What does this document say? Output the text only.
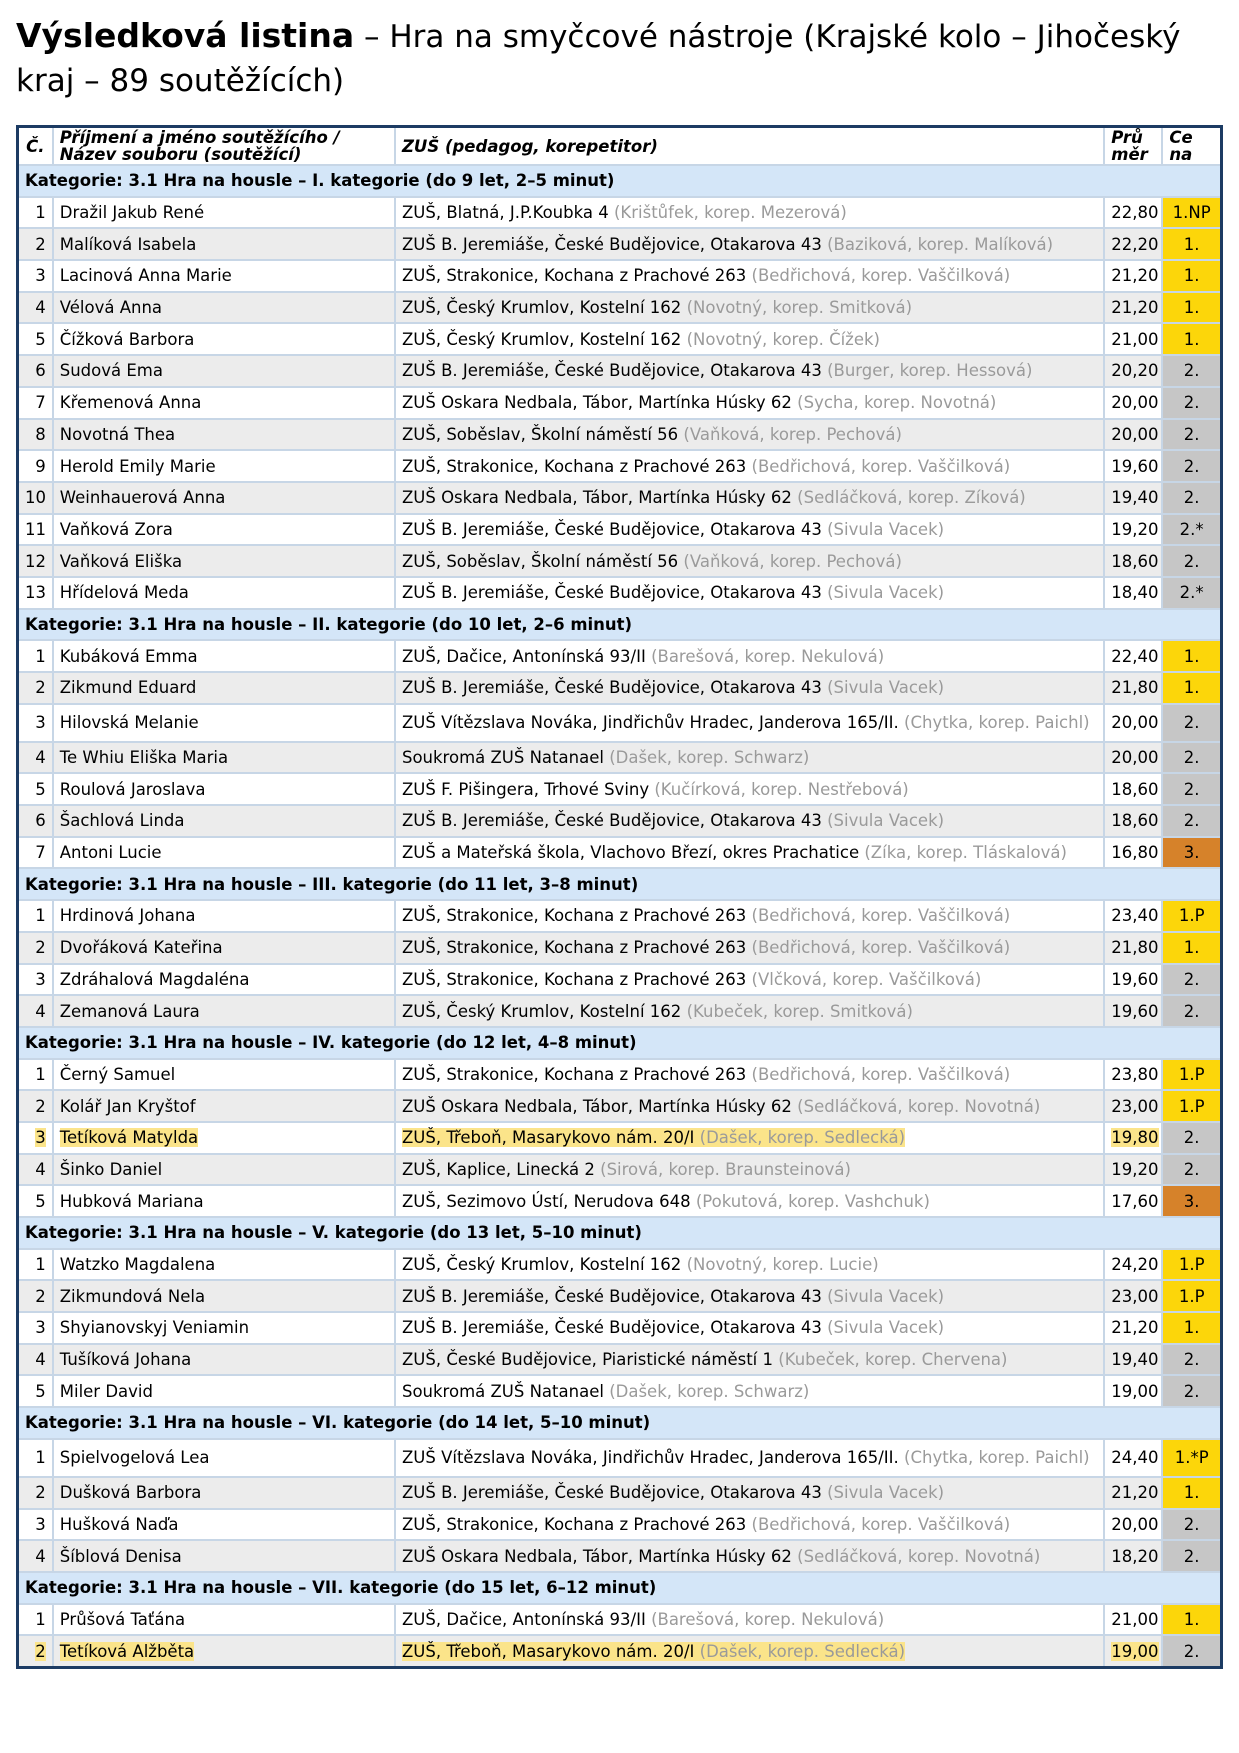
Výsledková listina – Hra na smyčcové nástroje (Krajské kolo – Jihočeský kraj – 89 soutěžících)
Č.	Příjmení a jméno soutěžícího / Název souboru (soutěžící)	ZUŠ (pedagog, korepetitor)	Prů měr	Ce na
Kategorie: 3.1 Hra na housle – I. kategorie (do 9 let, 2–5 minut)				
1	Dražil Jakub René	ZUŠ, Blatná, J.P.Koubka 4 (Krištůfek, korep. Mezerová)	22,80	1.NP
2	Malíková Isabela	ZUŠ B. Jeremiáše, České Budějovice, Otakarova 43 (Baziková, korep. Malíková)	22,20	1.
3	Lacinová Anna Marie	ZUŠ, Strakonice, Kochana z Prachové 263 (Bedřichová, korep. Vaščilková)	21,20	1.
4	Vélová Anna	ZUŠ, Český Krumlov, Kostelní 162 (Novotný, korep. Smitková)	21,20	1.
5	Čížková Barbora	ZUŠ, Český Krumlov, Kostelní 162 (Novotný, korep. Čížek)	21,00	1.
6	Sudová Ema	ZUŠ B. Jeremiáše, České Budějovice, Otakarova 43 (Burger, korep. Hessová)	20,20	2.
7	Křemenová Anna	ZUŠ Oskara Nedbala, Tábor, Martínka Húsky 62 (Sycha, korep. Novotná)	20,00	2.
8	Novotná Thea	ZUŠ, Soběslav, Školní náměstí 56 (Vaňková, korep. Pechová)	20,00	2.
9	Herold Emily Marie	ZUŠ, Strakonice, Kochana z Prachové 263 (Bedřichová, korep. Vaščilková)	19,60	2.
10	Weinhauerová Anna	ZUŠ Oskara Nedbala, Tábor, Martínka Húsky 62 (Sedláčková, korep. Zíková)	19,40	2.
11	Vaňková Zora	ZUŠ B. Jeremiáše, České Budějovice, Otakarova 43 (Sivula Vacek)	19,20	2.*
12	Vaňková Eliška	ZUŠ, Soběslav, Školní náměstí 56 (Vaňková, korep. Pechová)	18,60	2.
13	Hřídelová Meda	ZUŠ B. Jeremiáše, České Budějovice, Otakarova 43 (Sivula Vacek)	18,40	2.*
Kategorie: 3.1 Hra na housle – II. kategorie (do 10 let, 2–6 minut)				
1	Kubáková Emma	ZUŠ, Dačice, Antonínská 93/II (Barešová, korep. Nekulová)	22,40	1.
2	Zikmund Eduard	ZUŠ B. Jeremiáše, České Budějovice, Otakarova 43 (Sivula Vacek)	21,80	1.
3	Hilovská Melanie	ZUŠ Vítězslava Nováka, Jindřichův Hradec, Janderova 165/II. (Chytka, korep. Paichl)	20,00	2.
4	Te Whiu Eliška Maria	Soukromá ZUŠ Natanael (Dašek, korep. Schwarz)	20,00	2.
5	Roulová Jaroslava	ZUŠ F. Pišingera, Trhové Sviny (Kučírková, korep. Nestřebová)	18,60	2.
6	Šachlová Linda	ZUŠ B. Jeremiáše, České Budějovice, Otakarova 43 (Sivula Vacek)	18,60	2.
7	Antoni Lucie	ZUŠ a Mateřská škola, Vlachovo Březí, okres Prachatice (Zíka, korep. Tláskalová)	16,80	3.
Kategorie: 3.1 Hra na housle – III. kategorie (do 11 let, 3–8 minut)				
1	Hrdinová Johana	ZUŠ, Strakonice, Kochana z Prachové 263 (Bedřichová, korep. Vaščilková)	23,40	1.P
2	Dvořáková Kateřina	ZUŠ, Strakonice, Kochana z Prachové 263 (Bedřichová, korep. Vaščilková)	21,80	1.
3	Zdráhalová Magdaléna	ZUŠ, Strakonice, Kochana z Prachové 263 (Vlčková, korep. Vaščilková)	19,60	2.
4	Zemanová Laura	ZUŠ, Český Krumlov, Kostelní 162 (Kubeček, korep. Smitková)	19,60	2.
Kategorie: 3.1 Hra na housle – IV. kategorie (do 12 let, 4–8 minut)				
1	Černý Samuel	ZUŠ, Strakonice, Kochana z Prachové 263 (Bedřichová, korep. Vaščilková)	23,80	1.P
2	Kolář Jan Kryštof	ZUŠ Oskara Nedbala, Tábor, Martínka Húsky 62 (Sedláčková, korep. Novotná)	23,00	1.P
3	Tetíková Matylda	ZUŠ, Třeboň, Masarykovo nám. 20/I (Dašek, korep. Sedlecká)	19,80	2.
4	Šinko Daniel	ZUŠ, Kaplice, Linecká 2 (Sirová, korep. Braunsteinová)	19,20	2.
5	Hubková Mariana	ZUŠ, Sezimovo Ústí, Nerudova 648 (Pokutová, korep. Vashchuk)	17,60	3.
Kategorie: 3.1 Hra na housle – V. kategorie (do 13 let, 5–10 minut)				
1	Watzko Magdalena	ZUŠ, Český Krumlov, Kostelní 162 (Novotný, korep. Lucie)	24,20	1.P
2	Zikmundová Nela	ZUŠ B. Jeremiáše, České Budějovice, Otakarova 43 (Sivula Vacek)	23,00	1.P
3	Shyianovskyj Veniamin	ZUŠ B. Jeremiáše, České Budějovice, Otakarova 43 (Sivula Vacek)	21,20	1.
4	Tušíková Johana	ZUŠ, České Budějovice, Piaristické náměstí 1 (Kubeček, korep. Chervena)	19,40	2.
5	Miler David	Soukromá ZUŠ Natanael (Dašek, korep. Schwarz)	19,00	2.
Kategorie: 3.1 Hra na housle – VI. kategorie (do 14 let, 5–10 minut)				
1	Spielvogelová Lea	ZUŠ Vítězslava Nováka, Jindřichův Hradec, Janderova 165/II. (Chytka, korep. Paichl)	24,40	1.*P
2	Dušková Barbora	ZUŠ B. Jeremiáše, České Budějovice, Otakarova 43 (Sivula Vacek)	21,20	1.
3	Hušková Naďa	ZUŠ, Strakonice, Kochana z Prachové 263 (Bedřichová, korep. Vaščilková)	20,00	2.
4	Šíblová Denisa	ZUŠ Oskara Nedbala, Tábor, Martínka Húsky 62 (Sedláčková, korep. Novotná)	18,20	2.
Kategorie: 3.1 Hra na housle – VII. kategorie (do 15 let, 6–12 minut)				
1	Průšová Taťána	ZUŠ, Dačice, Antonínská 93/II (Barešová, korep. Nekulová)	21,00	1.
2	Tetíková Alžběta	ZUŠ, Třeboň, Masarykovo nám. 20/I (Dašek, korep. Sedlecká)	19,00	2.
